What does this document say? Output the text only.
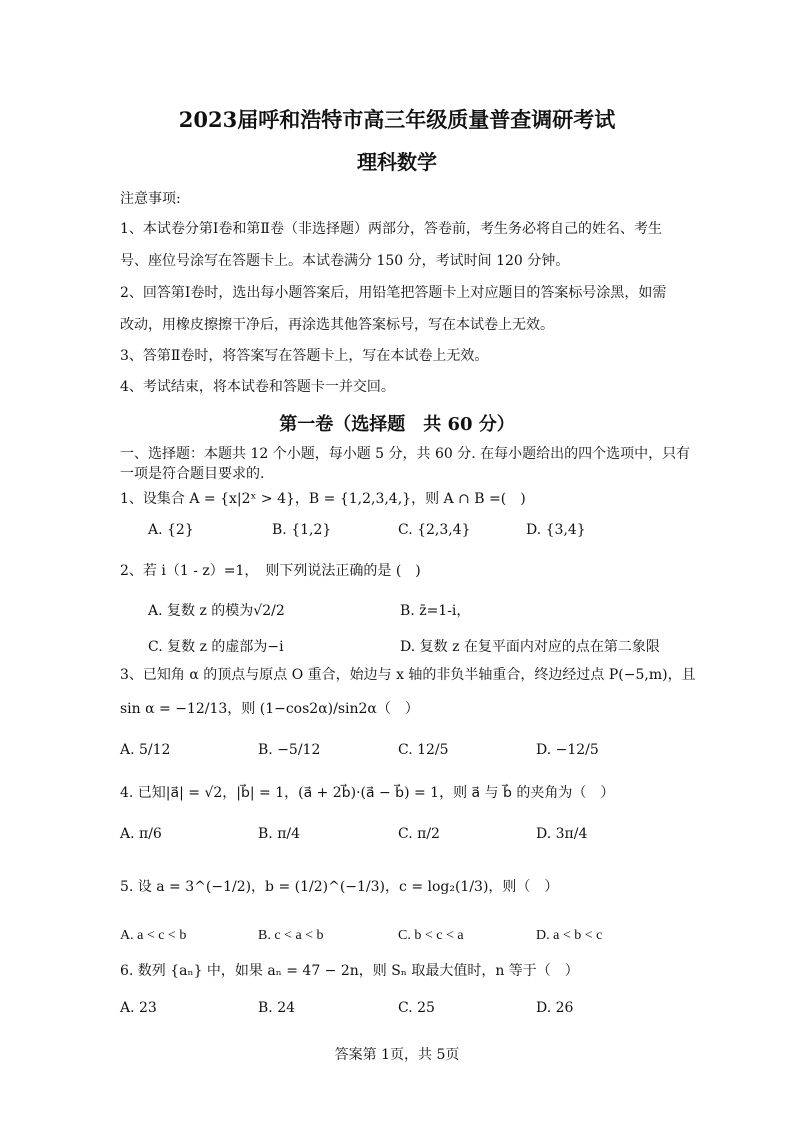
2023届呼和浩特市高三年级质量普查调研考试
理科数学
注意事项:
1、本试卷分第Ⅰ卷和第Ⅱ卷（非选择题）两部分，答卷前，考生务必将自己的姓名、考生
号、座位号涂写在答题卡上。本试卷满分 150 分，考试时间 120 分钟。
2、回答第Ⅰ卷时，选出每小题答案后，用铅笔把答题卡上对应题目的答案标号涂黑，如需
改动，用橡皮擦擦干净后，再涂选其他答案标号，写在本试卷上无效。
3、答第Ⅱ卷时，将答案写在答题卡上，写在本试卷上无效。
4、考试结束，将本试卷和答题卡一并交回。
第一卷（选择题　共 60 分）
一、选择题：本题共 12 个小题，每小题 5 分，共 60 分. 在每小题给出的四个选项中，只有
一项是符合题目要求的.
1、设集合 A = {x|2ˣ > 4}，B = {1,2,3,4,}，则 A ∩ B =(　)
A. {2}	B. {1,2}	C. {2,3,4}	D. {3,4}
2、若 i（1 - z）=1，　则下列说法正确的是 (　)
A. 复数 z 的模为√2/2	B. z̄=1-i，
C. 复数 z 的虚部为−i	D. 复数 z 在复平面内对应的点在第二象限
3、已知角 α 的顶点与原点 O 重合，始边与 x 轴的非负半轴重合，终边经过点 P(−5,m)，且
sin α = −12/13，则 (1−cos2α)/sin2α（　）
A. 5/12	B. −5/12	C. 12/5	D. −12/5
4. 已知|a⃗| = √2，|b⃗| = 1，(a⃗ + 2b⃗)·(a⃗ − b⃗) = 1，则 a⃗ 与 b⃗ 的夹角为（　）
A. π/6	B. π/4	C. π/2	D. 3π/4
5. 设 a = 3^(−1/2)，b = (1/2)^(−1/3)，c = log₂(1/3)，则（　）
A. a < c < b	B. c < a < b	C. b < c < a	D. a < b < c
6. 数列 {aₙ} 中，如果 aₙ = 47 − 2n，则 Sₙ 取最大值时，n 等于（　）
A. 23	B. 24	C. 25	D. 26
答案第 1页，共 5页
